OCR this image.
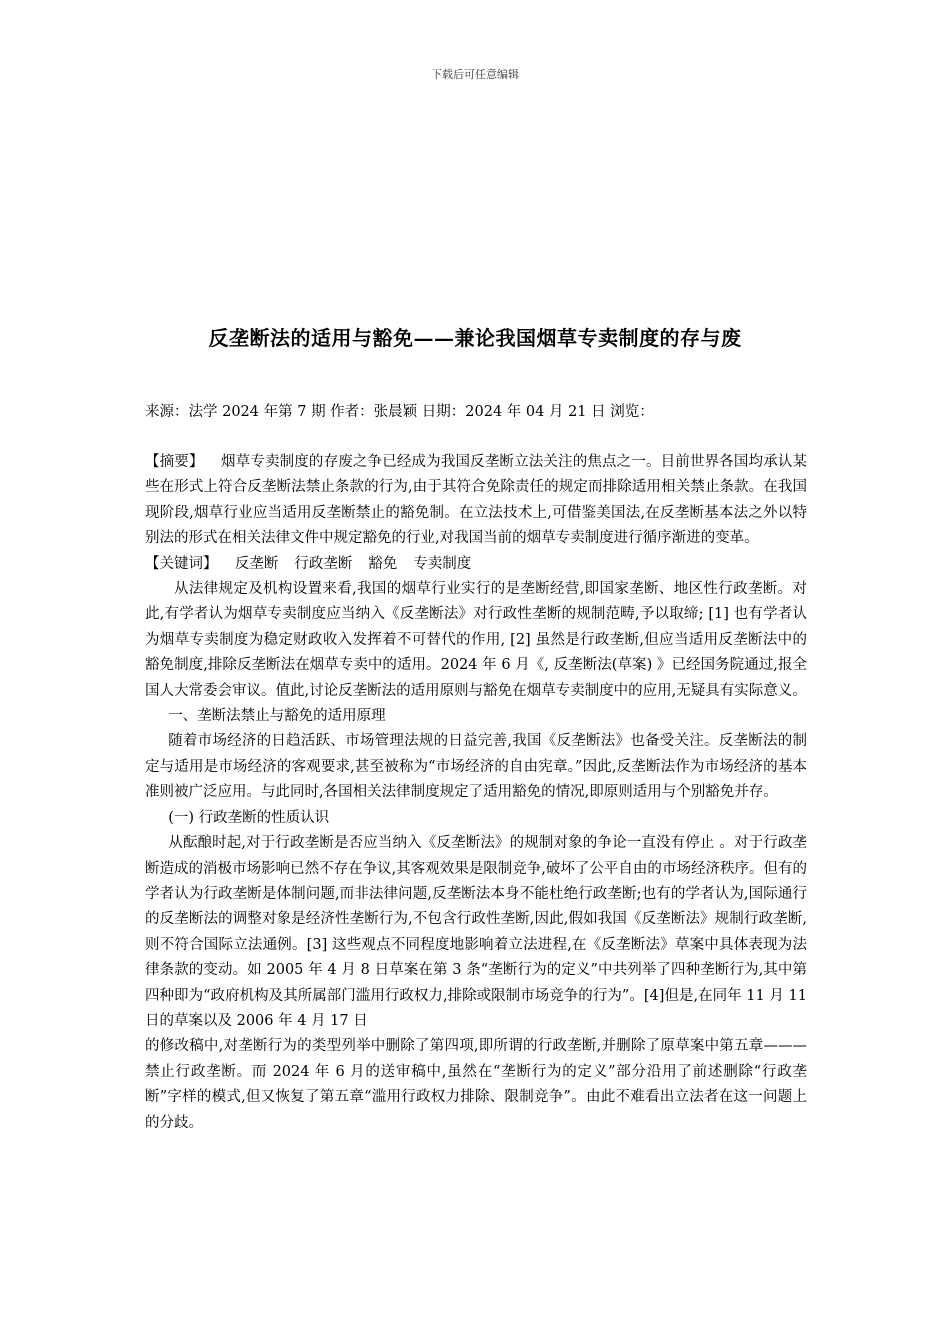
下载后可任意编辑
反垄断法的适用与豁免——兼论我国烟草专卖制度的存与废
来源：法学 2024 年第 7 期 作者：张晨颖 日期：2024 年 04 月 21 日 浏览：

【摘要】 烟草专卖制度的存废之争已经成为我国反垄断立法关注的焦点之一。目前世界各国均承认某些在形式上符合反垄断法禁止条款的行为,由于其符合免除责任的规定而排除适用相关禁止条款。在我国现阶段,烟草行业应当适用反垄断禁止的豁免制。在立法技术上,可借鉴美国法,在反垄断基本法之外以特别法的形式在相关法律文件中规定豁免的行业,对我国当前的烟草专卖制度进行循序渐进的变革。

【关键词】 反垄断 行政垄断 豁免 专卖制度

从法律规定及机构设置来看,我国的烟草行业实行的是垄断经营,即国家垄断、地区性行政垄断。对此,有学者认为烟草专卖制度应当纳入《反垄断法》对行政性垄断的规制范畴,予以取缔; [1] 也有学者认为烟草专卖制度为稳定财政收入发挥着不可替代的作用, [2] 虽然是行政垄断,但应当适用反垄断法中的豁免制度,排除反垄断法在烟草专卖中的适用。2024 年 6 月《, 反垄断法(草案) 》已经国务院通过,报全国人大常委会审议。值此,讨论反垄断法的适用原则与豁免在烟草专卖制度中的应用,无疑具有实际意义。

一、垄断法禁止与豁免的适用原理

随着市场经济的日趋活跃、市场管理法规的日益完善,我国《反垄断法》也备受关注。反垄断法的制定与适用是市场经济的客观要求,甚至被称为“市场经济的自由宪章。”因此,反垄断法作为市场经济的基本准则被广泛应用。与此同时,各国相关法律制度规定了适用豁免的情况,即原则适用与个别豁免并存。

(一) 行政垄断的性质认识

从酝酿时起,对于行政垄断是否应当纳入《反垄断法》的规制对象的争论一直没有停止 。对于行政垄断造成的消极市场影响已然不存在争议,其客观效果是限制竞争,破坏了公平自由的市场经济秩序。但有的学者认为行政垄断是体制问题,而非法律问题,反垄断法本身不能杜绝行政垄断;也有的学者认为,国际通行的反垄断法的调整对象是经济性垄断行为,不包含行政性垄断,因此,假如我国《反垄断法》规制行政垄断,则不符合国际立法通例。[3] 这些观点不同程度地影响着立法进程,在《反垄断法》草案中具体表现为法律条款的变动。如 2005 年 4 月 8 日草案在第 3 条“垄断行为的定义”中共列举了四种垄断行为,其中第四种即为“政府机构及其所属部门滥用行政权力,排除或限制市场竞争的行为”。[4]但是,在同年 11 月 11 日的草案以及 2006 年 4 月 17 日

的修改稿中,对垄断行为的类型列举中删除了第四项,即所谓的行政垄断,并删除了原草案中第五章———禁止行政垄断。而 2024 年 6 月的送审稿中,虽然在“垄断行为的定义”部分沿用了前述删除“行政垄断”字样的模式,但又恢复了第五章“滥用行政权力排除、限制竞争”。由此不难看出立法者在这一问题上的分歧。
